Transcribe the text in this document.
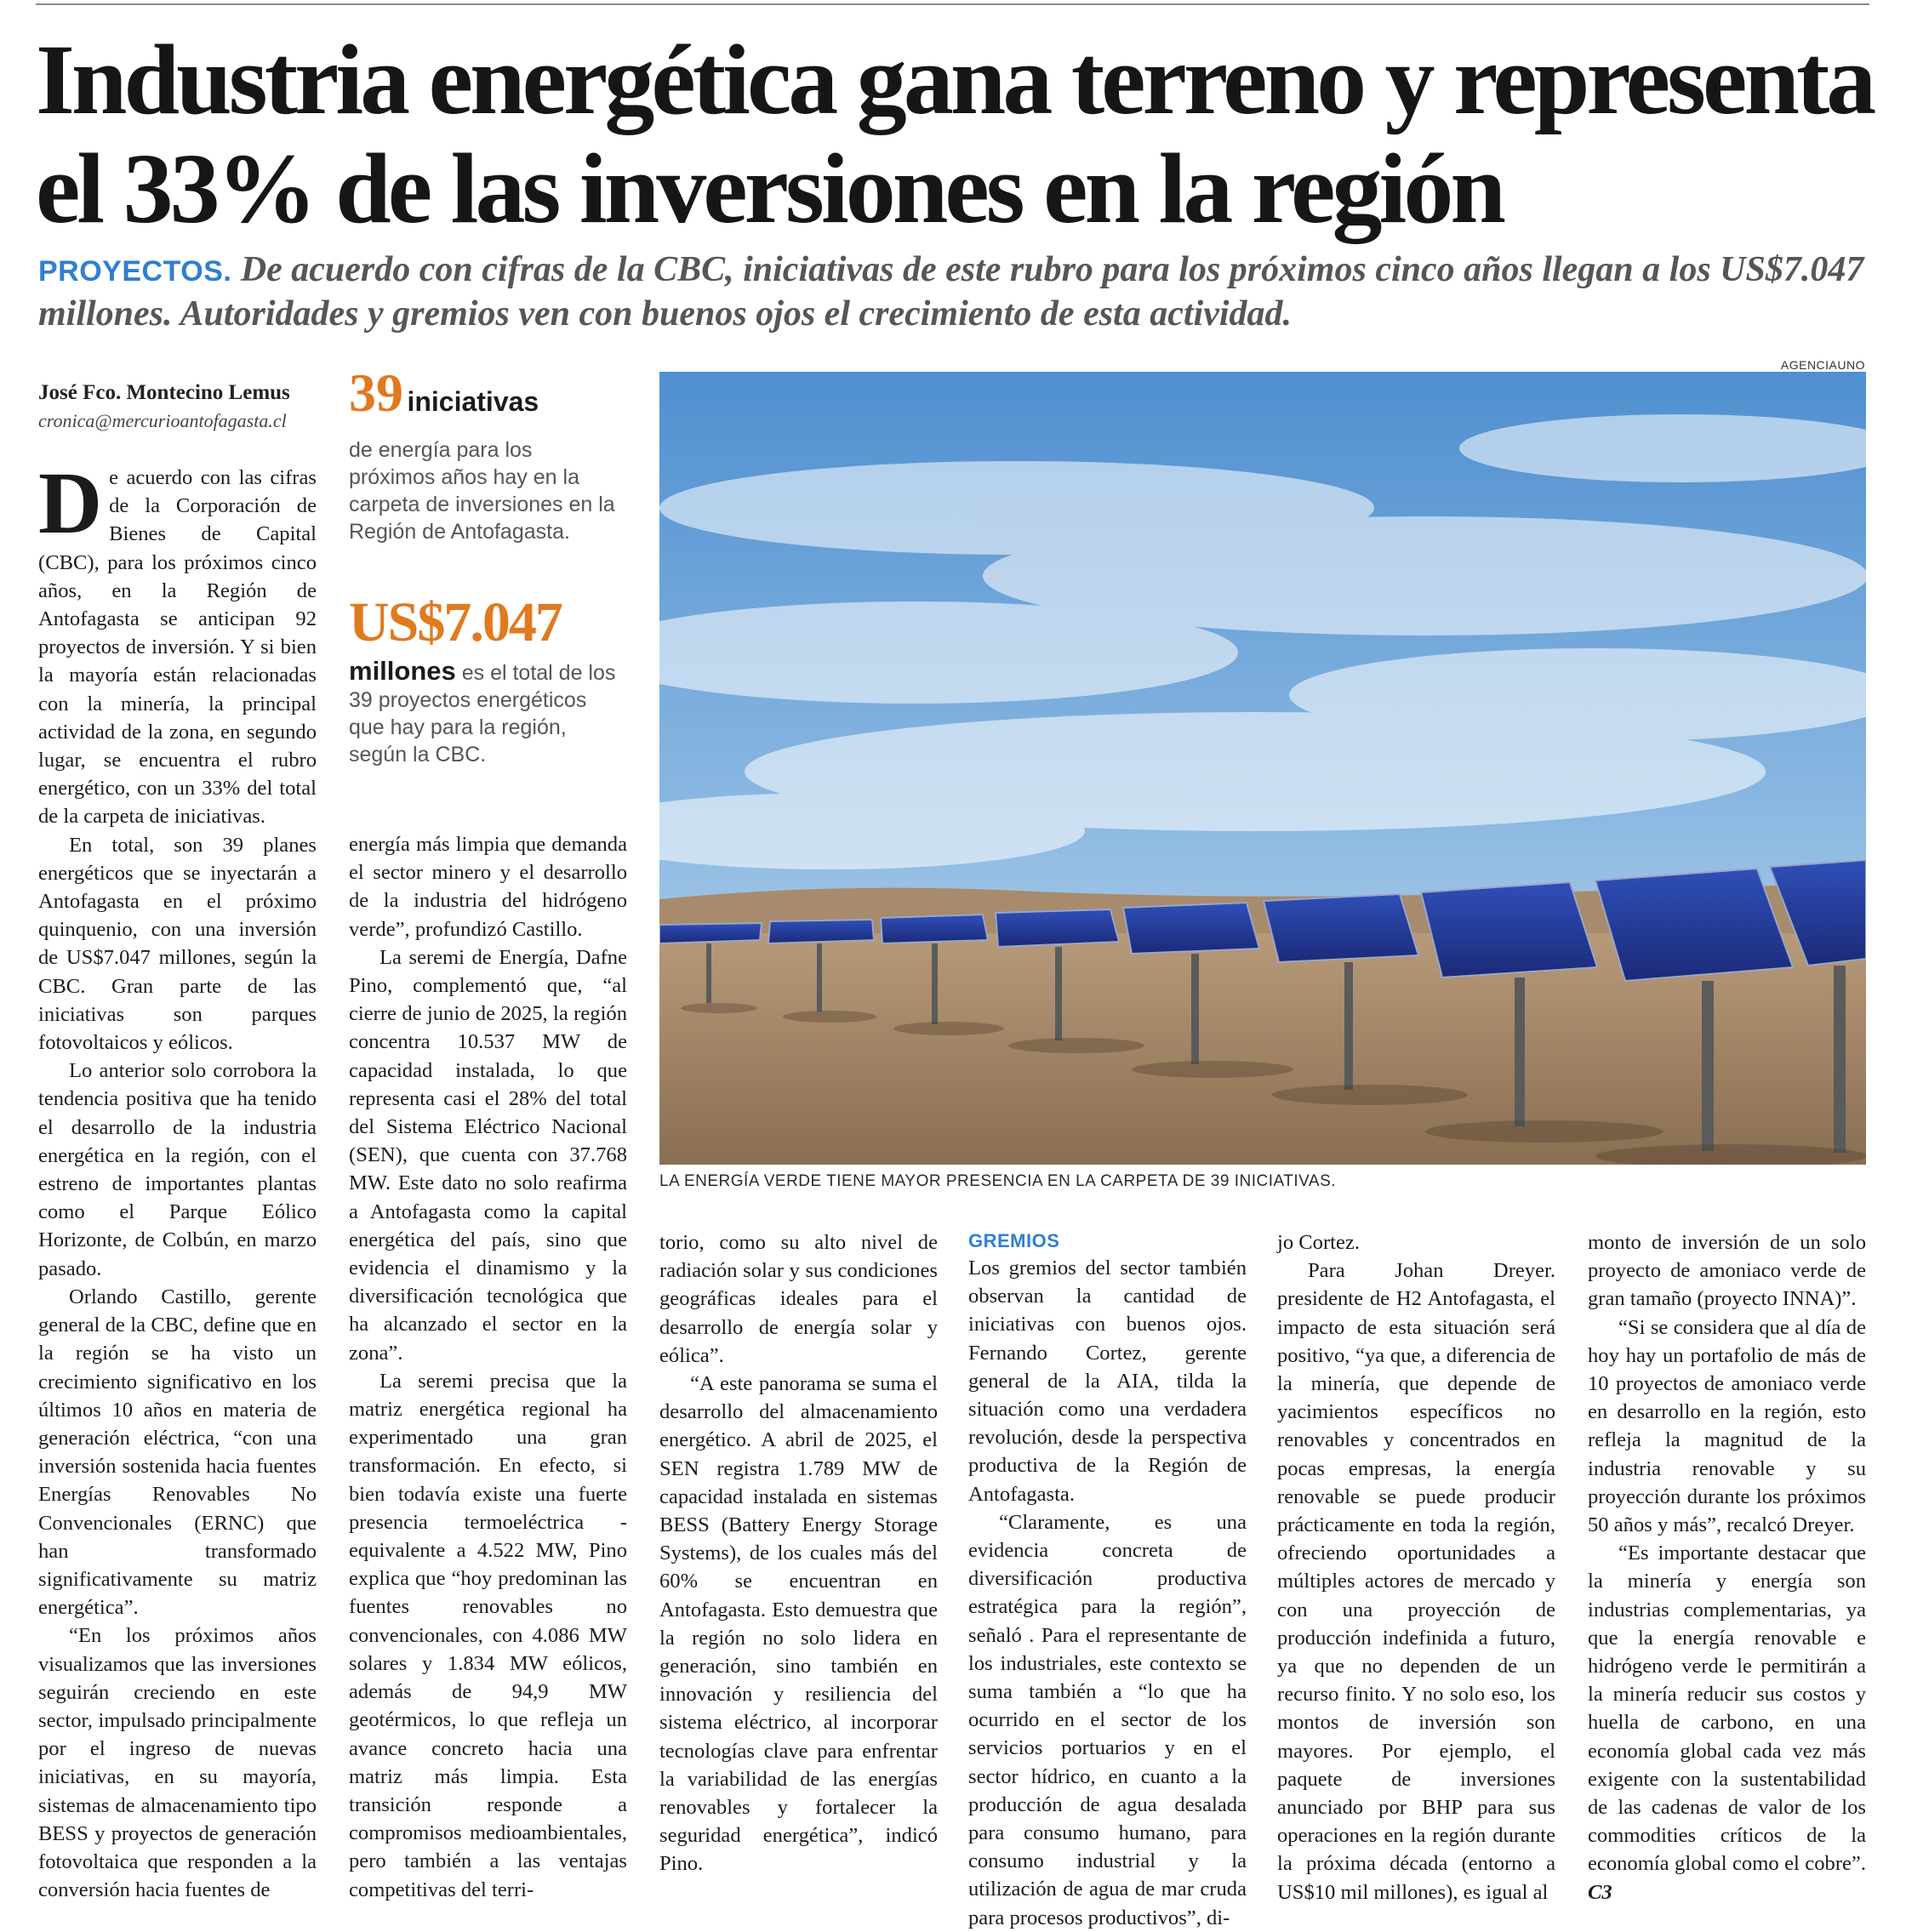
Industria energética gana terreno y representa el 33% de las inversiones en la región

PROYECTOS. De acuerdo con cifras de la CBC, iniciativas de este rubro para los próximos cinco años llegan a los US$7.047 millones. Autoridades y gremios ven con buenos ojos el crecimiento de esta actividad.

José Fco. Montecino Lemus
cronica@mercurioantofagasta.cl	39 iniciativas
de energía para los próximos años hay en la carpeta de inversiones en la Región de Antofagasta.
US$7.047
millones es el total de los 39 proyectos energéticos que hay para la región, según la CBC.
AGENCIAUNO
LA ENERGÍA VERDE TIENE MAYOR PRESENCIA EN LA CARPETA DE 39 INICIATIVAS.

De acuerdo con las cifras de la Corporación de Bienes de Capital (CBC), para los próximos cinco años, en la Región de Antofagasta se anticipan 92 proyectos de inversión. Y si bien la mayoría están relacionadas con la minería, la principal actividad de la zona, en segundo lugar, se encuentra el rubro energético, con un 33% del total de la carpeta de iniciativas.

En total, son 39 planes energéticos que se inyectarán a Antofagasta en el próximo quinquenio, con una inversión de US$7.047 millones, según la CBC. Gran parte de las iniciativas son parques fotovoltaicos y eólicos.

Lo anterior solo corrobora la tendencia positiva que ha tenido el desarrollo de la industria energética en la región, con el estreno de importantes plantas como el Parque Eólico Horizonte, de Colbún, en marzo pasado.

Orlando Castillo, gerente general de la CBC, define que en la región se ha visto un crecimiento significativo en los últimos 10 años en materia de generación eléctrica, “con una inversión sostenida hacia fuentes Energías Renovables No Convencionales (ERNC) que han transformado significativamente su matriz energética”.

“En los próximos años visualizamos que las inversiones seguirán creciendo en este sector, impulsado principalmente por el ingreso de nuevas iniciativas, en su mayoría, sistemas de almacenamiento tipo BESS y proyectos de generación fotovoltaica que responden a la conversión hacia fuentes de

energía más limpia que demanda el sector minero y el desarrollo de la industria del hidrógeno verde”, profundizó Castillo.

La seremi de Energía, Dafne Pino, complementó que, “al cierre de junio de 2025, la región concentra 10.537 MW de capacidad instalada, lo que representa casi el 28% del total del Sistema Eléctrico Nacional (SEN), que cuenta con 37.768 MW. Este dato no solo reafirma a Antofagasta como la capital energética del país, sino que evidencia el dinamismo y la diversificación tecnológica que ha alcanzado el sector en la zona”.

La seremi precisa que la matriz energética regional ha experimentado una gran transformación. En efecto, si bien todavía existe una fuerte presencia termoeléctrica - equivalente a 4.522 MW, Pino explica que “hoy predominan las fuentes renovables no convencionales, con 4.086 MW solares y 1.834 MW eólicos, además de 94,9 MW geotérmicos, lo que refleja un avance concreto hacia una matriz más limpia. Esta transición responde a compromisos medioambientales, pero también a las ventajas competitivas del terri-

torio, como su alto nivel de radiación solar y sus condiciones geográficas ideales para el desarrollo de energía solar y eólica”.

“A este panorama se suma el desarrollo del almacenamiento energético. A abril de 2025, el SEN registra 1.789 MW de capacidad instalada en sistemas BESS (Battery Energy Storage Systems), de los cuales más del 60% se encuentran en Antofagasta. Esto demuestra que la región no solo lidera en generación, sino también en innovación y resiliencia del sistema eléctrico, al incorporar tecnologías clave para enfrentar la variabilidad de las energías renovables y fortalecer la seguridad energética”, indicó Pino.

GREMIOS

Los gremios del sector también observan la cantidad de iniciativas con buenos ojos. Fernando Cortez, gerente general de la AIA, tilda la situación como una verdadera revolución, desde la perspectiva productiva de la Región de Antofagasta.

“Claramente, es una evidencia concreta de diversificación productiva estratégica para la región”, señaló . Para el representante de los industriales, este contexto se suma también a “lo que ha ocurrido en el sector de los servicios portuarios y en el sector hídrico, en cuanto a la producción de agua desalada para consumo humano, para consumo industrial y la utilización de agua de mar cruda para procesos productivos”, di-

jo Cortez.

Para Johan Dreyer. presidente de H2 Antofagasta, el impacto de esta situación será positivo, “ya que, a diferencia de la minería, que depende de yacimientos específicos no renovables y concentrados en pocas empresas, la energía renovable se puede producir prácticamente en toda la región, ofreciendo oportunidades a múltiples actores de mercado y con una proyección de producción indefinida a futuro, ya que no dependen de un recurso finito. Y no solo eso, los montos de inversión son mayores. Por ejemplo, el paquete de inversiones anunciado por BHP para sus operaciones en la región durante la próxima década (entorno a US$10 mil millones), es igual al

monto de inversión de un solo proyecto de amoniaco verde de gran tamaño (proyecto INNA)”.

“Si se considera que al día de hoy hay un portafolio de más de 10 proyectos de amoniaco verde en desarrollo en la región, esto refleja la magnitud de la industria renovable y su proyección durante los próximos 50 años y más”, recalcó Dreyer.

“Es importante destacar que la minería y energía son industrias complementarias, ya que la energía renovable e hidrógeno verde le permitirán a la minería reducir sus costos y huella de carbono, en una economía global cada vez más exigente con la sustentabilidad de las cadenas de valor de los commodities críticos de la economía global como el cobre”. C3
